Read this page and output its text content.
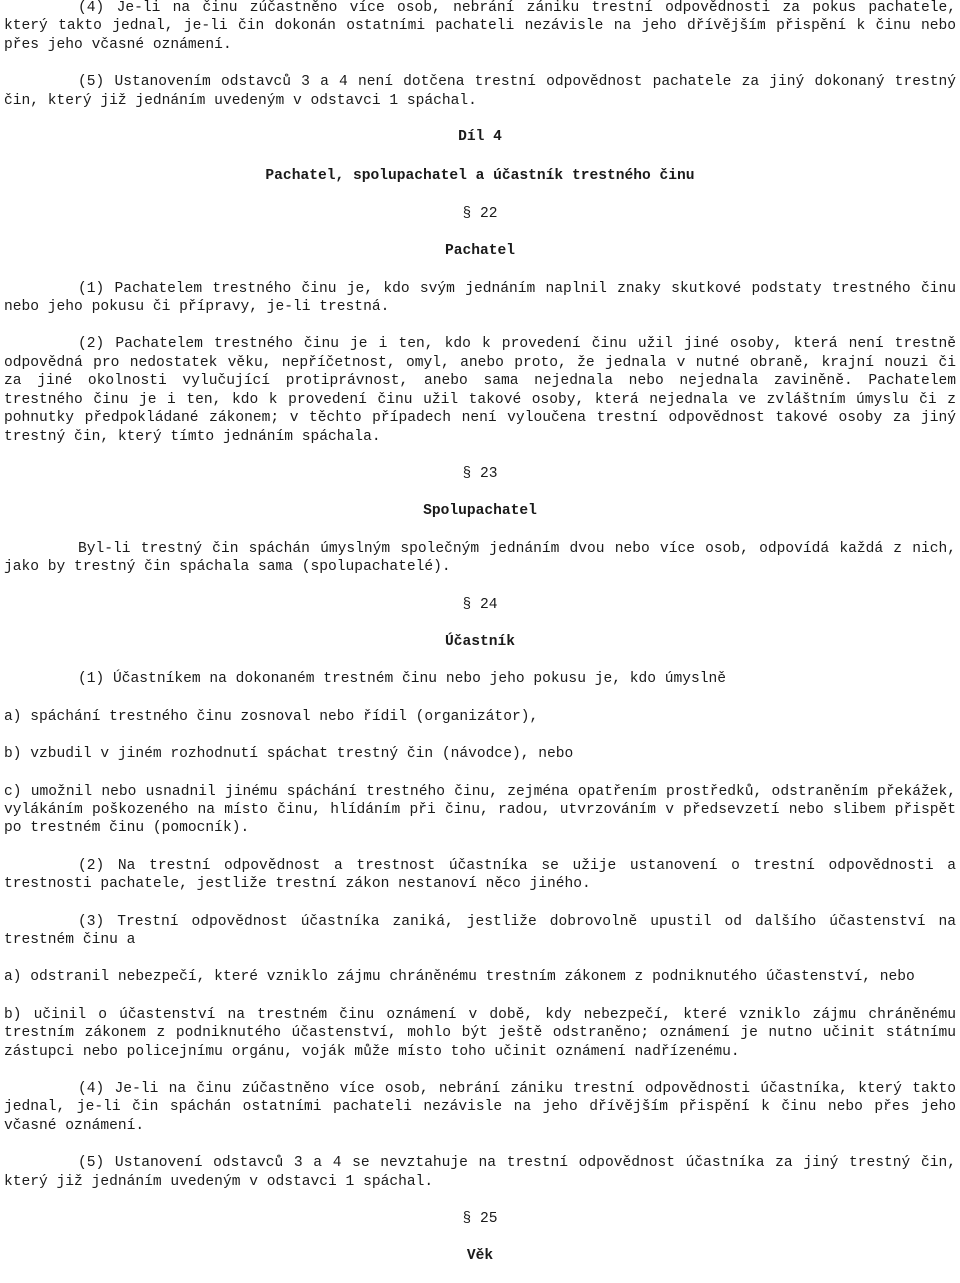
(4) Je-li na činu zúčastněno více osob, nebrání zániku trestní odpovědnosti za pokus pachatele, který takto jednal, je-li čin dokonán ostatními pachateli nezávisle na jeho dřívějším přispění k činu nebo přes jeho včasné oznámení.

(5) Ustanovením odstavců 3 a 4 není dotčena trestní odpovědnost pachatele za jiný dokonaný trestný čin, který již jednáním uvedeným v odstavci 1 spáchal.

Díl 4

Pachatel, spolupachatel a účastník trestného činu

§ 22

Pachatel

(1) Pachatelem trestného činu je, kdo svým jednáním naplnil znaky skutkové podstaty trestného činu nebo jeho pokusu či přípravy, je-li trestná.

(2) Pachatelem trestného činu je i ten, kdo k provedení činu užil jiné osoby, která není trestně odpovědná pro nedostatek věku, nepříčetnost, omyl, anebo proto, že jednala v nutné obraně, krajní nouzi či za jiné okolnosti vylučující protiprávnost, anebo sama nejednala nebo nejednala zaviněně. Pachatelem trestného činu je i ten, kdo k provedení činu užil takové osoby, která nejednala ve zvláštním úmyslu či z pohnutky předpokládané zákonem; v těchto případech není vyloučena trestní odpovědnost takové osoby za jiný trestný čin, který tímto jednáním spáchala.

§ 23

Spolupachatel

Byl-li trestný čin spáchán úmyslným společným jednáním dvou nebo více osob, odpovídá každá z nich, jako by trestný čin spáchala sama (spolupachatelé).

§ 24

Účastník

(1) Účastníkem na dokonaném trestném činu nebo jeho pokusu je, kdo úmyslně

a) spáchání trestného činu zosnoval nebo řídil (organizátor),

b) vzbudil v jiném rozhodnutí spáchat trestný čin (návodce), nebo

c) umožnil nebo usnadnil jinému spáchání trestného činu, zejména opatřením prostředků, odstraněním překážek, vylákáním poškozeného na místo činu, hlídáním při činu, radou, utvrzováním v předsevzetí nebo slibem přispět po trestném činu (pomocník).

(2) Na trestní odpovědnost a trestnost účastníka se užije ustanovení o trestní odpovědnosti a trestnosti pachatele, jestliže trestní zákon nestanoví něco jiného.

(3) Trestní odpovědnost účastníka zaniká, jestliže dobrovolně upustil od dalšího účastenství na trestném činu a

a) odstranil nebezpečí, které vzniklo zájmu chráněnému trestním zákonem z podniknutého účastenství, nebo

b) učinil o účastenství na trestném činu oznámení v době, kdy nebezpečí, které vzniklo zájmu chráněnému trestním zákonem z podniknutého účastenství, mohlo být ještě odstraněno; oznámení je nutno učinit státnímu zástupci nebo policejnímu orgánu, voják může místo toho učinit oznámení nadřízenému.

(4) Je-li na činu zúčastněno více osob, nebrání zániku trestní odpovědnosti účastníka, který takto jednal, je-li čin spáchán ostatními pachateli nezávisle na jeho dřívějším přispění k činu nebo přes jeho včasné oznámení.

(5) Ustanovení odstavců 3 a 4 se nevztahuje na trestní odpovědnost účastníka za jiný trestný čin, který již jednáním uvedeným v odstavci 1 spáchal.

§ 25

Věk
